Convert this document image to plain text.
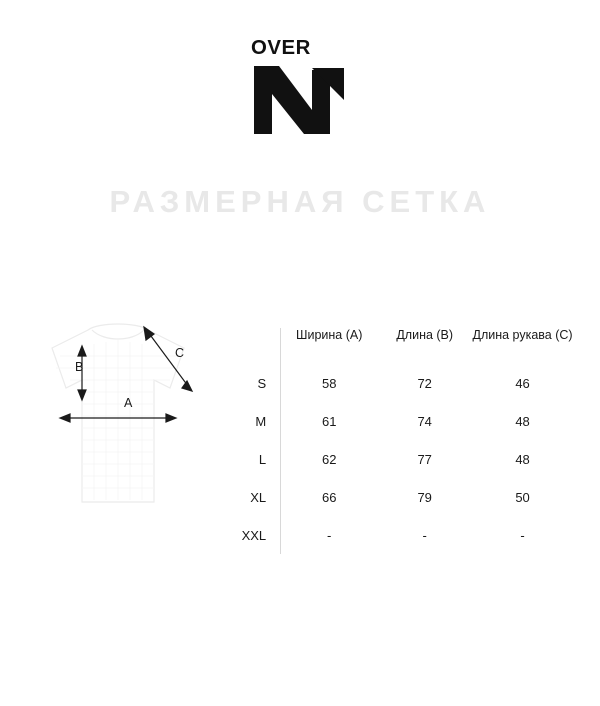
OVER
РАЗМЕРНАЯ СЕТКА
A
B
C
	Ширина (A)	Длина (B)	Длина рукава (C)
S	58	72	46
M	61	74	48
L	62	77	48
XL	66	79	50
XXL	-	-	-
